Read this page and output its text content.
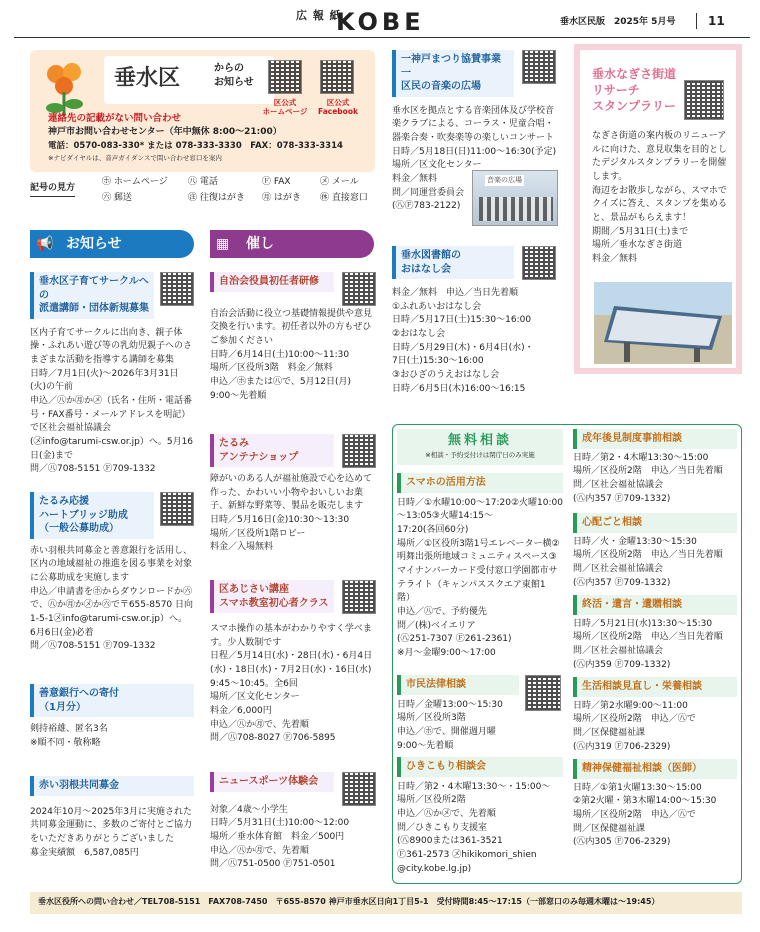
広 報 紙
KOBE	垂水区民版　2025年 5月号	11
垂水区	からの
お知らせ
区公式
ホームページ
区公式
Facebook
連絡先の記載がない問い合わせ
神戸市お問い合わせセンター（年中無休 8:00～21:00）
電話：0570-083-330* または 078-333-3330　FAX：078-333-3314
※ナビダイヤルは、音声ガイダンスで問い合わせ窓口を案内
記号の見方
㋭ ホームページ ㊇ 電話	Ⓕ FAX	㋱ メール
㊅ 郵送	㊟ 往復はがき ㊊ はがき ㊡ 直接窓口
📢 お知らせ	▦ 催し
垂水区子育てサークルへの
派遣講師・団体新規募集
区内子育てサークルに出向き、親子体操・ふれあい遊び等の乳幼児親子へのさまざまな活動を指導する講師を募集
日時／7月1日(火)～2026年3月31日(火)の午前
申込／㊇か㊊か㋱（氏名・住所・電話番号・FAX番号・メールアドレスを明記）で区社会福祉協議会
(㋱info@tarumi-csw.or.jp）へ。5月16日(金)まで
問／㊇708-5151 Ⓕ709-1332
たるみ応援
ハートブリッジ助成
（一般公募助成）
赤い羽根共同募金と善意銀行を活用し、区内の地域福祉の推進を図る事業を対象に公募助成を実施します
申込／申請書を㋭からダウンロードか㊅で、㊇か㊊か㋱か㊅で〒655-8570 日向1-5-1㋱info@tarumi-csw.or.jp）へ。
6月6日(金)必着
問／㊇708-5151 Ⓕ709-1332
善意銀行への寄付
（1月分）
剣持裕雄、匿名3名
※順不同・敬称略
赤い羽根共同募金
2024年10月～2025年3月に実施された共同募金運動に、多数のご寄付とご協力をいただきありがとうございました
募金実績額　6,587,085円
自治会役員初任者研修
自治会活動に役立つ基礎情報提供や意見交換を行います。初任者以外の方もぜひご参加ください
日時／6月14日(土)10:00～11:30
場所／区役所3階　料金／無料
申込／㋭または㊇で、5月12日(月)
9:00～先着順
たるみ
アンテナショップ
障がいのある人が福祉施設で心を込めて作った、かわいい小物やおいしいお菓子、新鮮な野菜等、製品を販売します
日時／5月16日(金)10:30～13:30
場所／区役所1階ロビー
料金／入場無料
区あじさい講座
スマホ教室初心者クラス
スマホ操作の基本がわかりやすく学べます。少人数制です
日程／5月14日(水)・28日(水)・6月4日(水)・18日(水)・7月2日(水)・16日(水)
9:45～10:45。全6回
場所／区文化センター
料金／6,000円
申込／㊇か㊊で、先着順
問／㊇708-8027 Ⓕ706-5895
ニュースポーツ体験会
対象／4歳～小学生
日時／5月31日(土)10:00～12:00
場所／垂水体育館　料金／500円
申込／㊇か㊊で、先着順
問／㊇751-0500 Ⓕ751-0501
一神戸まつり協賛事業一
区民の音楽の広場
垂水区を拠点とする音楽団体及び学校音楽クラブによる、コーラス・児童合唱・器楽合奏・吹奏楽等の楽しいコンサート
日時／5月18日(日)11:00～16:30(予定)
場所／区文化センター
料金／無料
問／同運営委員会
(㊇Ⓕ783-2122)
音楽の広場
垂水図書館の
おはなし会
料金／無料　申込／当日先着順
①ふれあいおはなし会
日時／5月17日(土)15:30～16:00
②おはなし会
日時／5月29日(木)・6月4日(水)・
7日(土)15:30～16:00
③おひざのうえおはなし会
日時／6月5日(木)16:00～16:15
垂水なぎさ街道
リサーチ
スタンプラリー
なぎさ街道の案内板のリニューアルに向けた、意見収集を目的としたデジタルスタンプラリーを開催します。
海辺をお散歩しながら、スマホでクイズに答え、スタンプを集めると、景品がもらえます！
期間／5月31日(土)まで
場所／垂水なぎさ街道
料金／無料
無料相談
※相談・予約受付けは閉庁日のみ実施
スマホの活用方法
日時／①水曜10:00～17:20②火曜10:00～13:05③火曜14:15～
17:20(各回60分)
場所／①区役所3階1号エレベーター横②明舞出張所地域コミュニティスペース③マイナンバーカード受付窓口学園都市サテライト（キャンパススクエア東館1階）
申込／㊇で、予約優先
問／(株)ベイエリア
(㊇251-7307 Ⓕ261-2361)
※月～金曜9:00～17:00
市民法律相談
日時／金曜13:00～15:30
場所／区役所3階
申込／㋭で、開催週月曜
9:00～先着順
ひきこもり相談会
日時／第2・4木曜13:30～・15:00～
場所／区役所2階
申込／㊇か㋱で、先着順
問／ひきこもり支援室
(㊇8900または361-3521
Ⓕ361-2573 ㋱hikikomori_shien
@city.kobe.lg.jp)
成年後見制度事前相談
日時／第2・4木曜13:30～15:00
場所／区役所2階　申込／当日先着順
問／区社会福祉協議会
(㊇内357 Ⓕ709-1332)
心配ごと相談
日時／火・金曜13:30～15:30
場所／区役所2階　申込／当日先着順
問／区社会福祉協議会
(㊇内357 Ⓕ709-1332)
終活・遺言・遺贈相談
日時／5月21日(水)13:30～15:30
場所／区役所2階　申込／当日先着順
問／区社会福祉協議会
(㊇内359 Ⓕ709-1332)
生活相談見直し・栄養相談
日時／第2水曜9:00～11:00
場所／区役所2階　申込／㊇で
問／区保健福祉課
(㊇内319 Ⓕ706-2329)
精神保健福祉相談（医師）
日時／①第1火曜13:30～15:00
②第2火曜・第3木曜14:00～15:30
場所／区役所2階　申込／㊇で
問／区保健福祉課
(㊇内305 Ⓕ706-2329)
垂水区役所への問い合わせ／TEL708-5151　FAX708-7450　〒655-8570 神戸市垂水区日向1丁目5-1　受付時間8:45～17:15（一部窓口のみ毎週木曜は～19:45）
